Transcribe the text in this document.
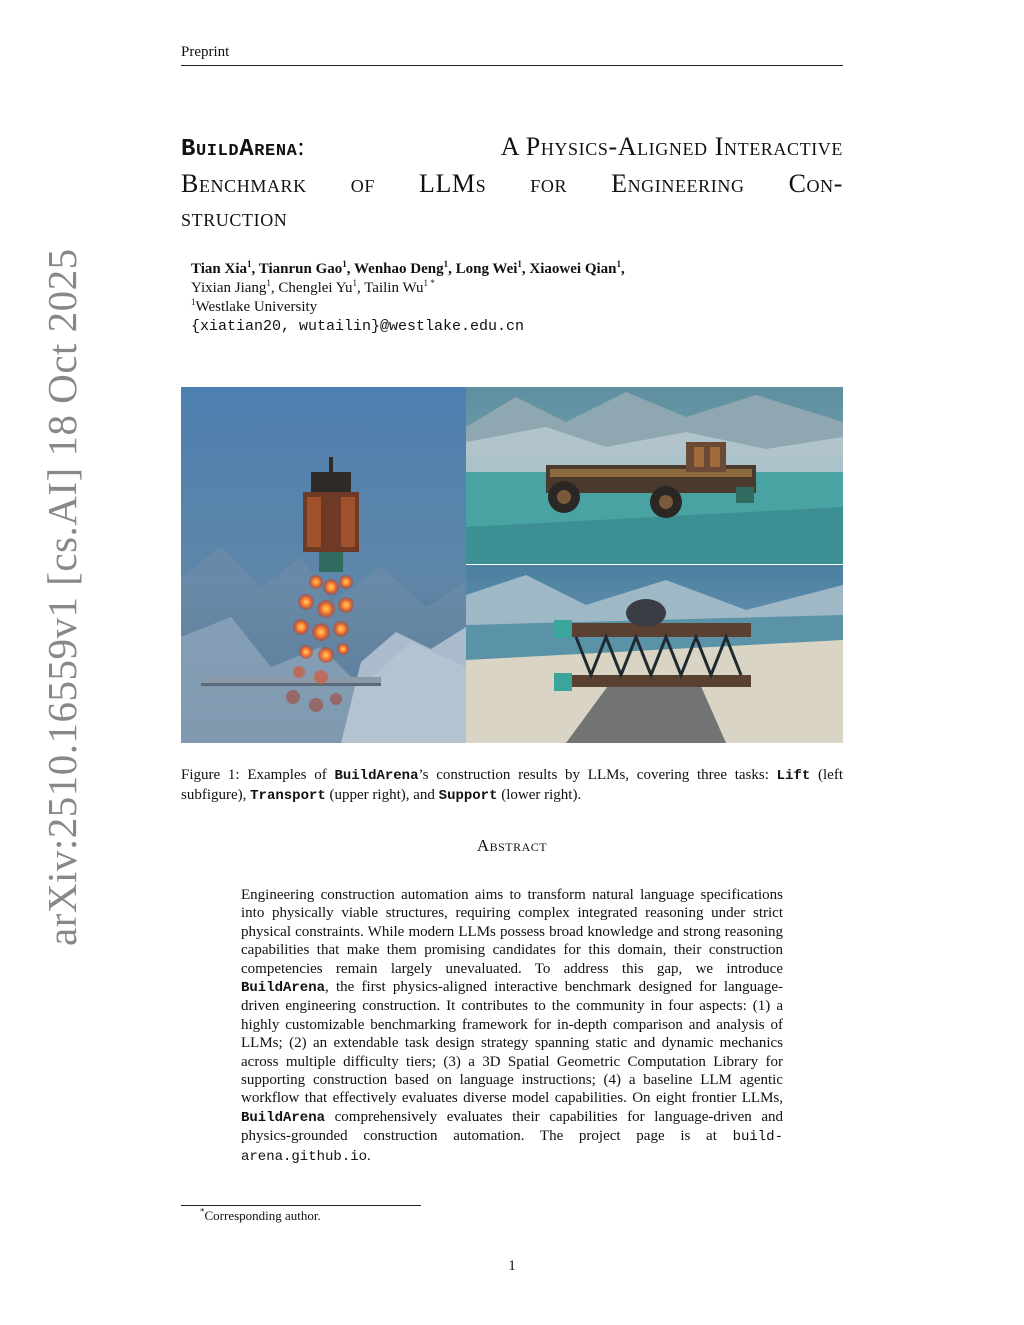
Preprint
BuildArena:	A Physics-Aligned Interactive
Benchmark of LLMs for Engineering Con-
struction
Tian Xia$^1$, Tianrun Gao$^1$, Wenhao Deng$^1$, Long Wei$^1$, Xiaowei Qian$^1$,
Yixian Jiang$^1$, Chenglei Yu$^1$, Tailin $Wu^{1 *}$
$^1$Westlake University
{xiatian20, wutailin}@westlake.edu.cn
arXiv:2510.16559v1 [cs.AI] 18 Oct 2025	Figure 1: Examples of BuildArena’s construction results by LLMs, covering three tasks: Lift (left subfigure), Transport (upper right), and Support (lower right).
Abstract
Engineering construction automation aims to transform natural language specifications into physically viable structures, requiring complex integrated reasoning under strict physical constraints. While modern LLMs possess broad knowledge and strong reasoning capabilities that make them promising candidates for this domain, their construction competencies remain largely unevaluated. To address this gap, we introduce BuildArena, the first physics-aligned interactive benchmark designed for language-driven engineering construction. It contributes to the community in four aspects: (1) a highly customizable benchmarking framework for in-depth comparison and analysis of LLMs; (2) an extendable task design strategy spanning static and dynamic mechanics across multiple difficulty tiers; (3) a 3D Spatial Geometric Computation Library for supporting construction based on language instructions; (4) a baseline LLM agentic workflow that effectively evaluates diverse model capabilities. On eight frontier LLMs, BuildArena comprehensively evaluates their capabilities for language-driven and physics-grounded construction automation. The project page is at build-arena.github.io.
*Corresponding author.
1
